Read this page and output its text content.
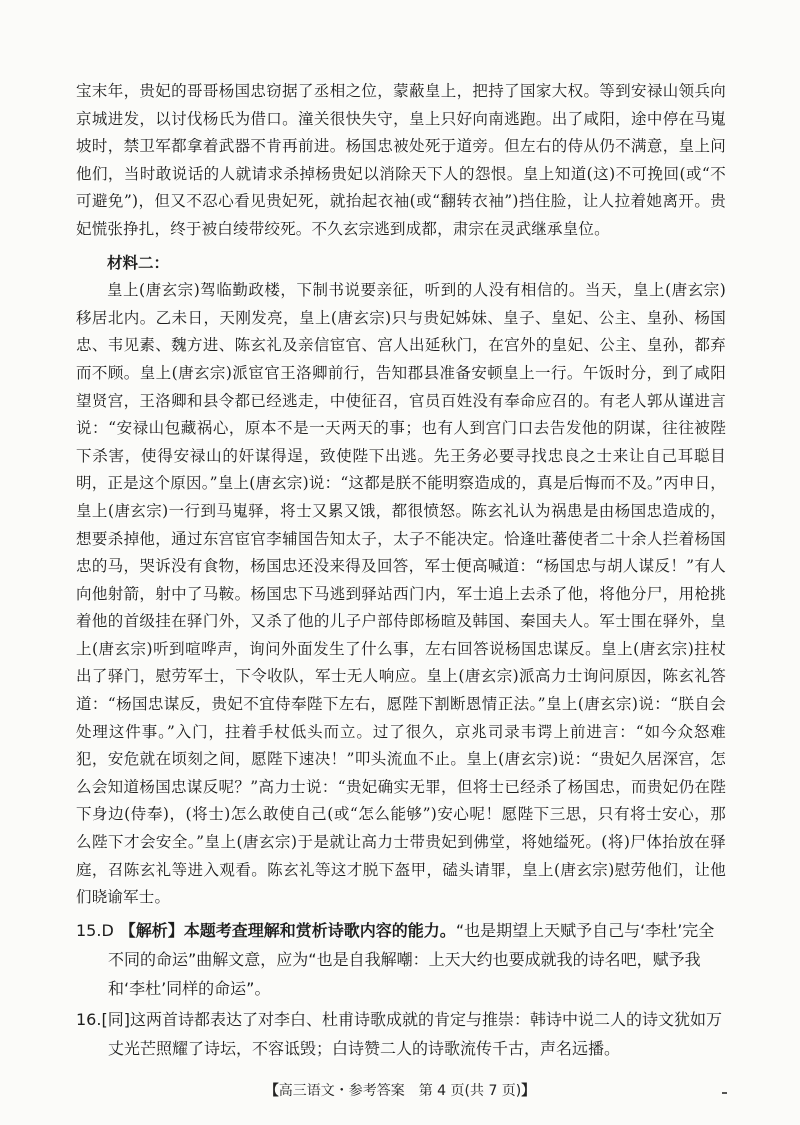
宝末年，贵妃的哥哥杨国忠窃据了丞相之位，蒙蔽皇上，把持了国家大权。等到安禄山领兵向京城进发，以讨伐杨氏为借口。潼关很快失守，皇上只好向南逃跑。出了咸阳，途中停在马嵬坡时，禁卫军都拿着武器不肯再前进。杨国忠被处死于道旁。但左右的侍从仍不满意，皇上问他们，当时敢说话的人就请求杀掉杨贵妃以消除天下人的怨恨。皇上知道(这)不可挽回(或“不可避免”)，但又不忍心看见贵妃死，就抬起衣袖(或“翻转衣袖”)挡住脸，让人拉着她离开。贵妃慌张挣扎，终于被白绫带绞死。不久玄宗逃到成都，肃宗在灵武继承皇位。

材料二：

皇上(唐玄宗)驾临勤政楼，下制书说要亲征，听到的人没有相信的。当天，皇上(唐玄宗)移居北内。乙未日，天刚发亮，皇上(唐玄宗)只与贵妃姊妹、皇子、皇妃、公主、皇孙、杨国忠、韦见素、魏方进、陈玄礼及亲信宦官、宫人出延秋门，在宫外的皇妃、公主、皇孙，都弃而不顾。皇上(唐玄宗)派宦官王洛卿前行，告知郡县准备安顿皇上一行。午饭时分，到了咸阳望贤宫，王洛卿和县令都已经逃走，中使征召，官员百姓没有奉命应召的。有老人郭从谨进言说：“安禄山包藏祸心，原本不是一天两天的事；也有人到宫门口去告发他的阴谋，往往被陛下杀害，使得安禄山的奸谋得逞，致使陛下出逃。先王务必要寻找忠良之士来让自己耳聪目明，正是这个原因。”皇上(唐玄宗)说：“这都是朕不能明察造成的，真是后悔而不及。”丙申日，皇上(唐玄宗)一行到马嵬驿，将士又累又饿，都很愤怒。陈玄礼认为祸患是由杨国忠造成的，想要杀掉他，通过东宫宦官李辅国告知太子，太子不能决定。恰逢吐蕃使者二十余人拦着杨国忠的马，哭诉没有食物，杨国忠还没来得及回答，军士便高喊道：“杨国忠与胡人谋反！”有人向他射箭，射中了马鞍。杨国忠下马逃到驿站西门内，军士追上去杀了他，将他分尸，用枪挑着他的首级挂在驿门外，又杀了他的儿子户部侍郎杨暄及韩国、秦国夫人。军士围在驿外，皇上(唐玄宗)听到喧哗声，询问外面发生了什么事，左右回答说杨国忠谋反。皇上(唐玄宗)拄杖出了驿门，慰劳军士，下令收队，军士无人响应。皇上(唐玄宗)派高力士询问原因，陈玄礼答道：“杨国忠谋反，贵妃不宜侍奉陛下左右，愿陛下割断恩情正法。”皇上(唐玄宗)说：“朕自会处理这件事。”入门，拄着手杖低头而立。过了很久，京兆司录韦谔上前进言：“如今众怒难犯，安危就在顷刻之间，愿陛下速决！”叩头流血不止。皇上(唐玄宗)说：“贵妃久居深宫，怎么会知道杨国忠谋反呢？”高力士说：“贵妃确实无罪，但将士已经杀了杨国忠，而贵妃仍在陛下身边(侍奉)，(将士)怎么敢使自己(或“怎么能够”)安心呢！愿陛下三思，只有将士安心，那么陛下才会安全。”皇上(唐玄宗)于是就让高力士带贵妃到佛堂，将她缢死。(将)尸体抬放在驿庭，召陈玄礼等进入观看。陈玄礼等这才脱下盔甲，磕头请罪，皇上(唐玄宗)慰劳他们，让他们晓谕军士。

15.D 【解析】本题考查理解和赏析诗歌内容的能力。“也是期望上天赋予自己与‘李杜’完全不同的命运”曲解文意，应为“也是自我解嘲：上天大约也要成就我的诗名吧，赋予我和‘李杜’同样的命运”。

16.[同]这两首诗都表达了对李白、杜甫诗歌成就的肯定与推崇：韩诗中说二人的诗文犹如万丈光芒照耀了诗坛，不容诋毁；白诗赞二人的诗歌流传千古，声名远播。

【高三语文・参考答案　第 4 页(共 7 页)】
